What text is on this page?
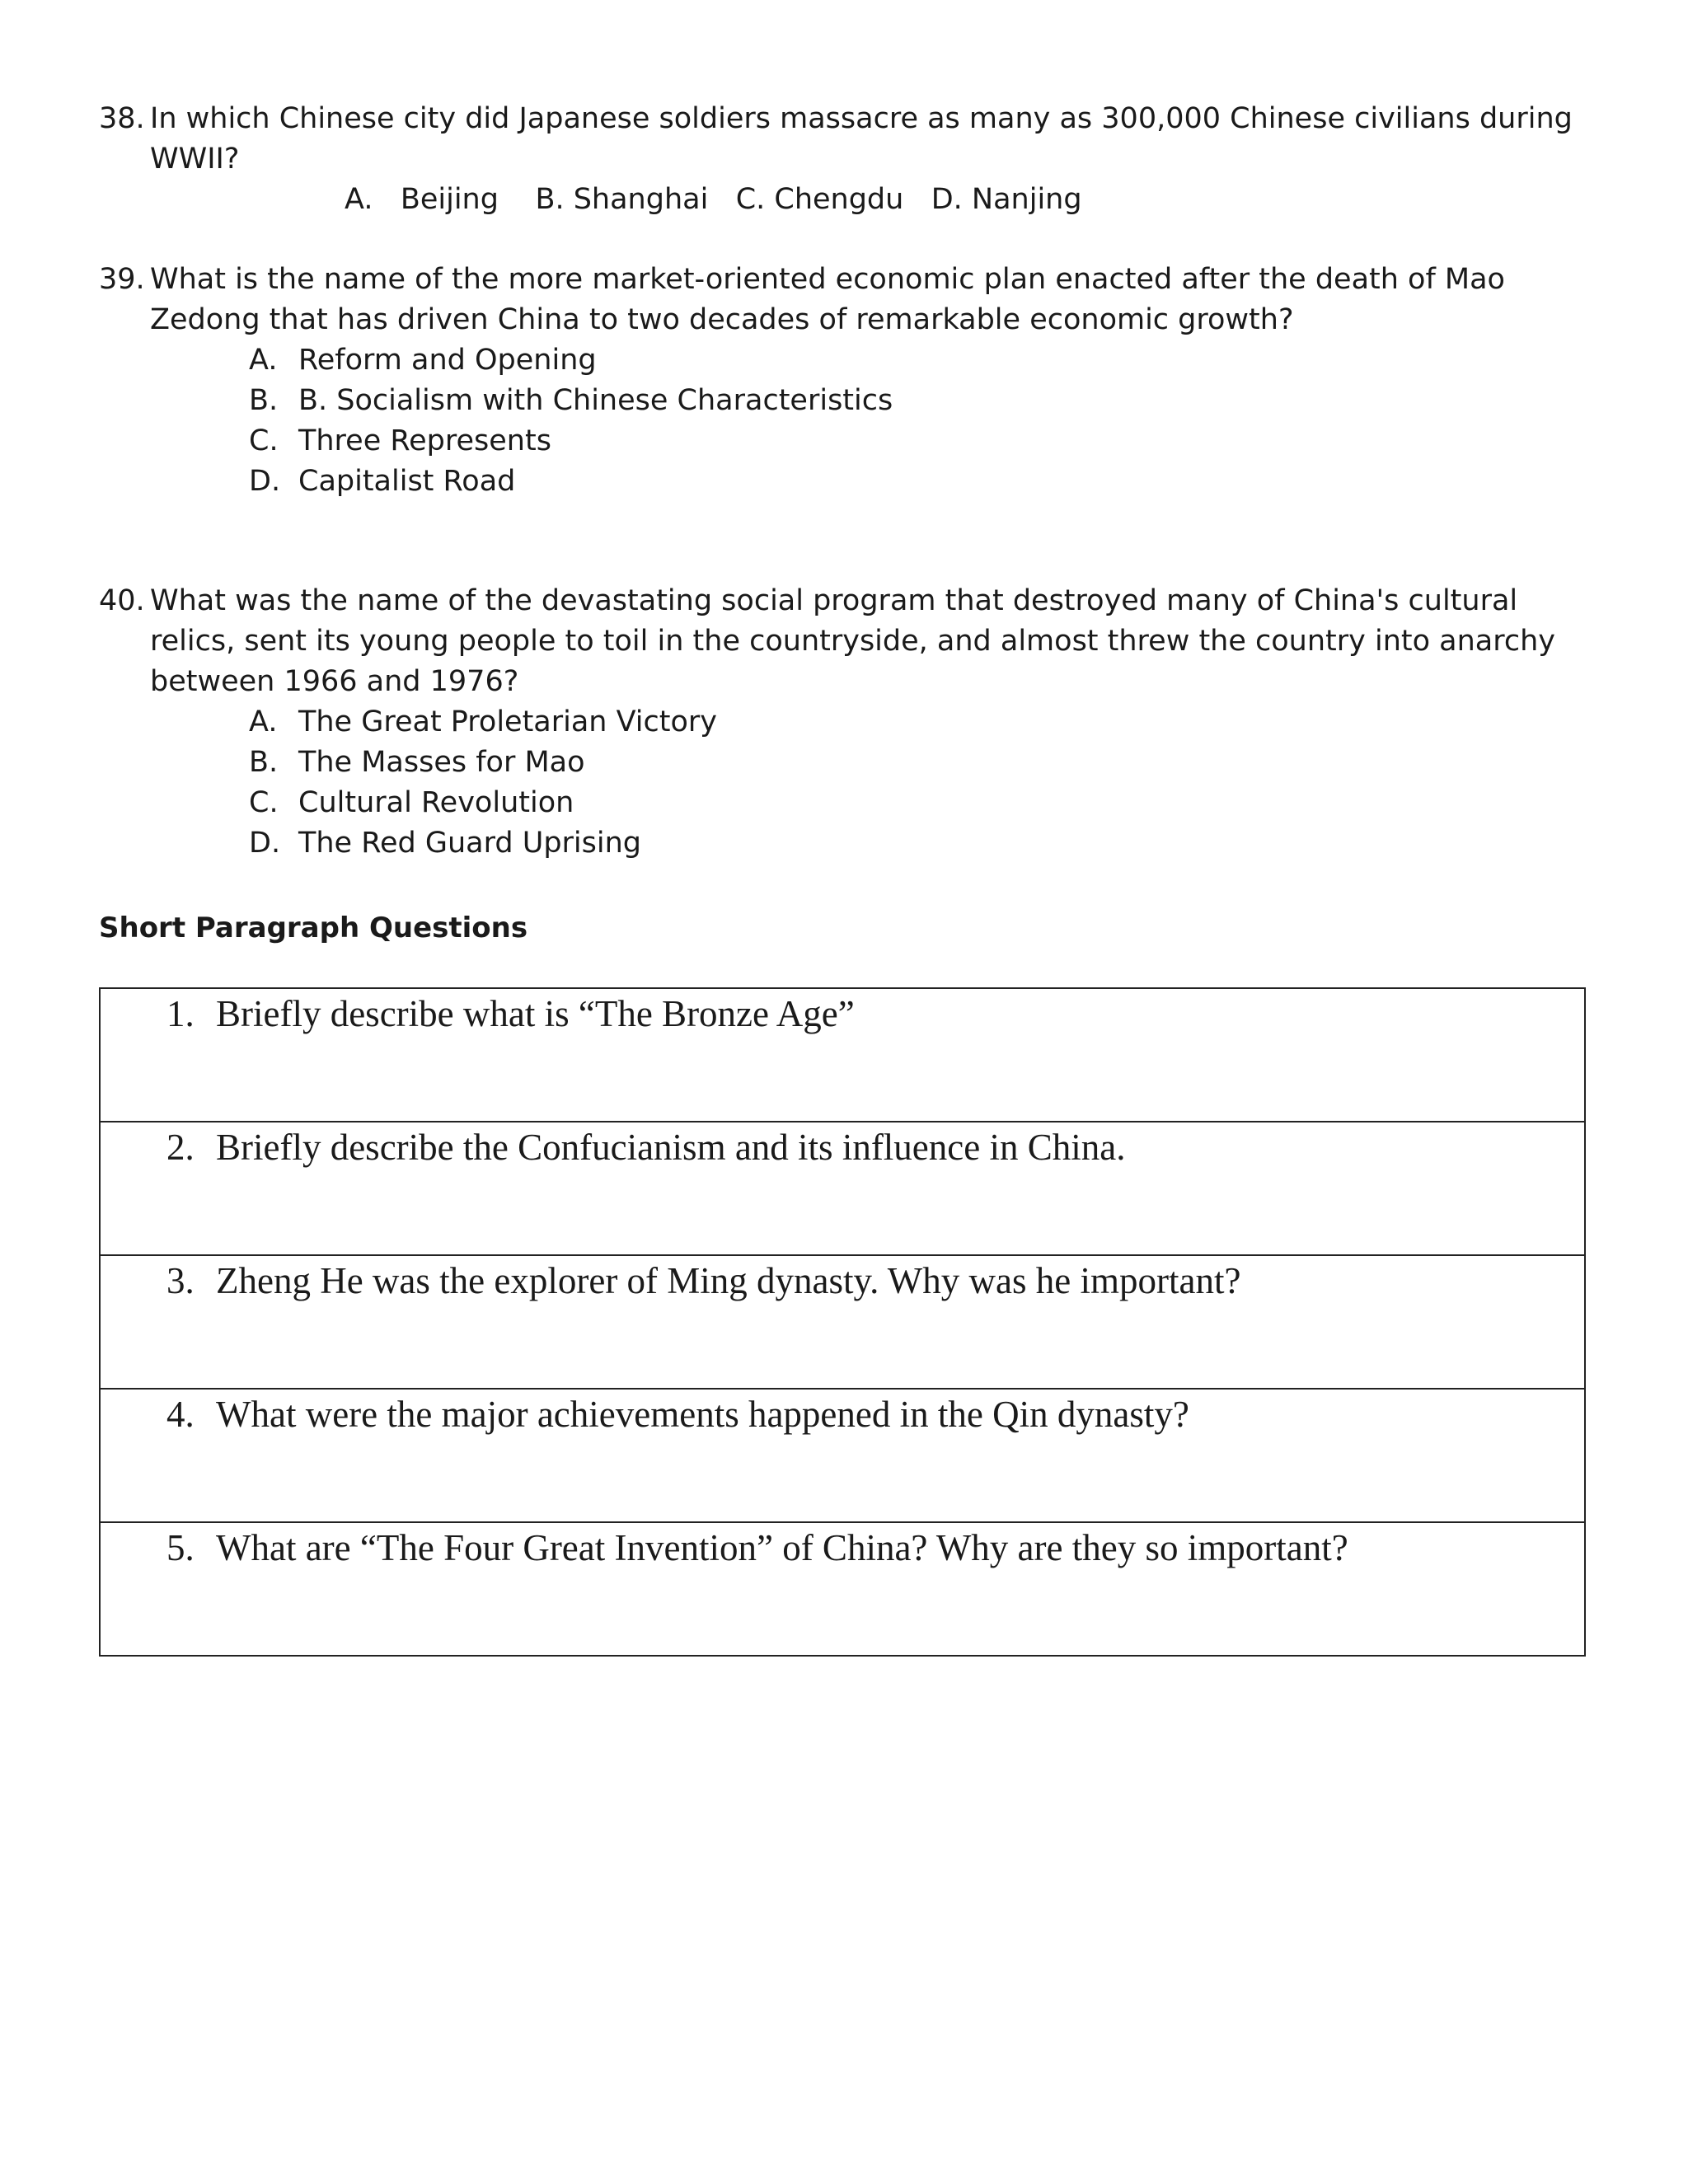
38. In which Chinese city did Japanese soldiers massacre as many as 300,000 Chinese civilians during WWII?
A.   Beijing    B. Shanghai   C. Chengdu   D. Nanjing
39. What is the name of the more market-oriented economic plan enacted after the death of Mao Zedong that has driven China to two decades of remarkable economic growth?
A. Reform and Opening
B. B. Socialism with Chinese Characteristics
C. Three Represents
D. Capitalist Road
40. What was the name of the devastating social program that destroyed many of China's cultural relics, sent its young people to toil in the countryside, and almost threw the country into anarchy between 1966 and 1976?
A. The Great Proletarian Victory
B. The Masses for Mao
C. Cultural Revolution
D. The Red Guard Uprising
Short Paragraph Questions
1. Briefly describe what is “The Bronze Age”

2. Briefly describe the Confucianism and its influence in China.

3. Zheng He was the explorer of Ming dynasty. Why was he important?

4. What were the major achievements happened in the Qin dynasty?

5. What are “The Four Great Invention” of China? Why are they so important?
